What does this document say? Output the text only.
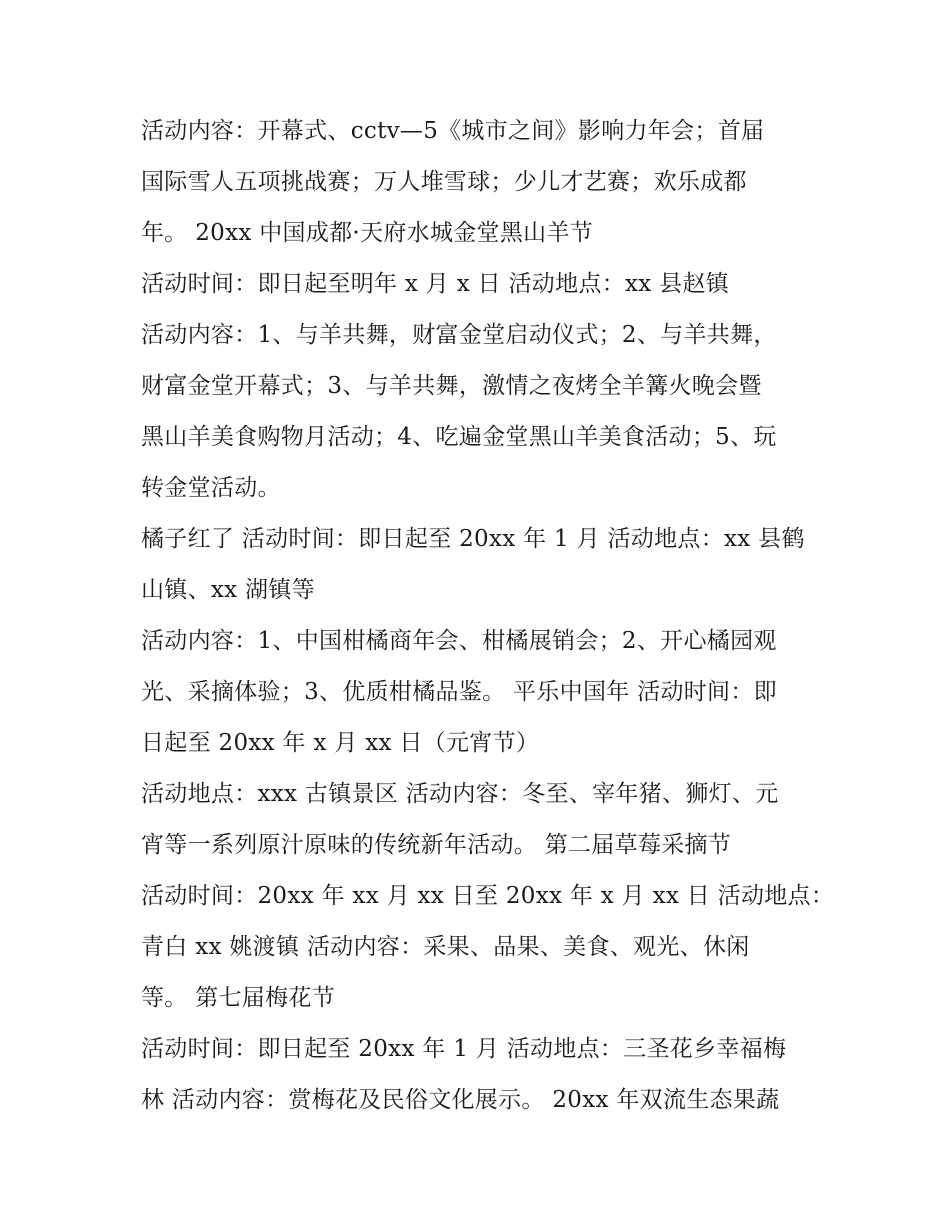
活动内容：开幕式、cctv—5《城市之间》影响力年会；首届
国际雪人五项挑战赛；万人堆雪球；少儿才艺赛；欢乐成都
年。 20xx 中国成都·天府水城金堂黑山羊节
活动时间：即日起至明年 x 月 x 日 活动地点：xx 县赵镇
活动内容：1、与羊共舞，财富金堂启动仪式；2、与羊共舞，
财富金堂开幕式；3、与羊共舞，激情之夜烤全羊篝火晚会暨
黑山羊美食购物月活动；4、吃遍金堂黑山羊美食活动；5、玩
转金堂活动。
橘子红了 活动时间：即日起至 20xx 年 1 月 活动地点：xx 县鹤
山镇、xx 湖镇等
活动内容：1、中国柑橘商年会、柑橘展销会；2、开心橘园观
光、采摘体验；3、优质柑橘品鉴。 平乐中国年 活动时间：即
日起至 20xx 年 x 月 xx 日（元宵节）
活动地点：xxx 古镇景区 活动内容：冬至、宰年猪、狮灯、元
宵等一系列原汁原味的传统新年活动。 第二届草莓采摘节
活动时间：20xx 年 xx 月 xx 日至 20xx 年 x 月 xx 日 活动地点：
青白 xx 姚渡镇 活动内容：采果、品果、美食、观光、休闲
等。 第七届梅花节
活动时间：即日起至 20xx 年 1 月 活动地点：三圣花乡幸福梅
林 活动内容：赏梅花及民俗文化展示。 20xx 年双流生态果蔬
